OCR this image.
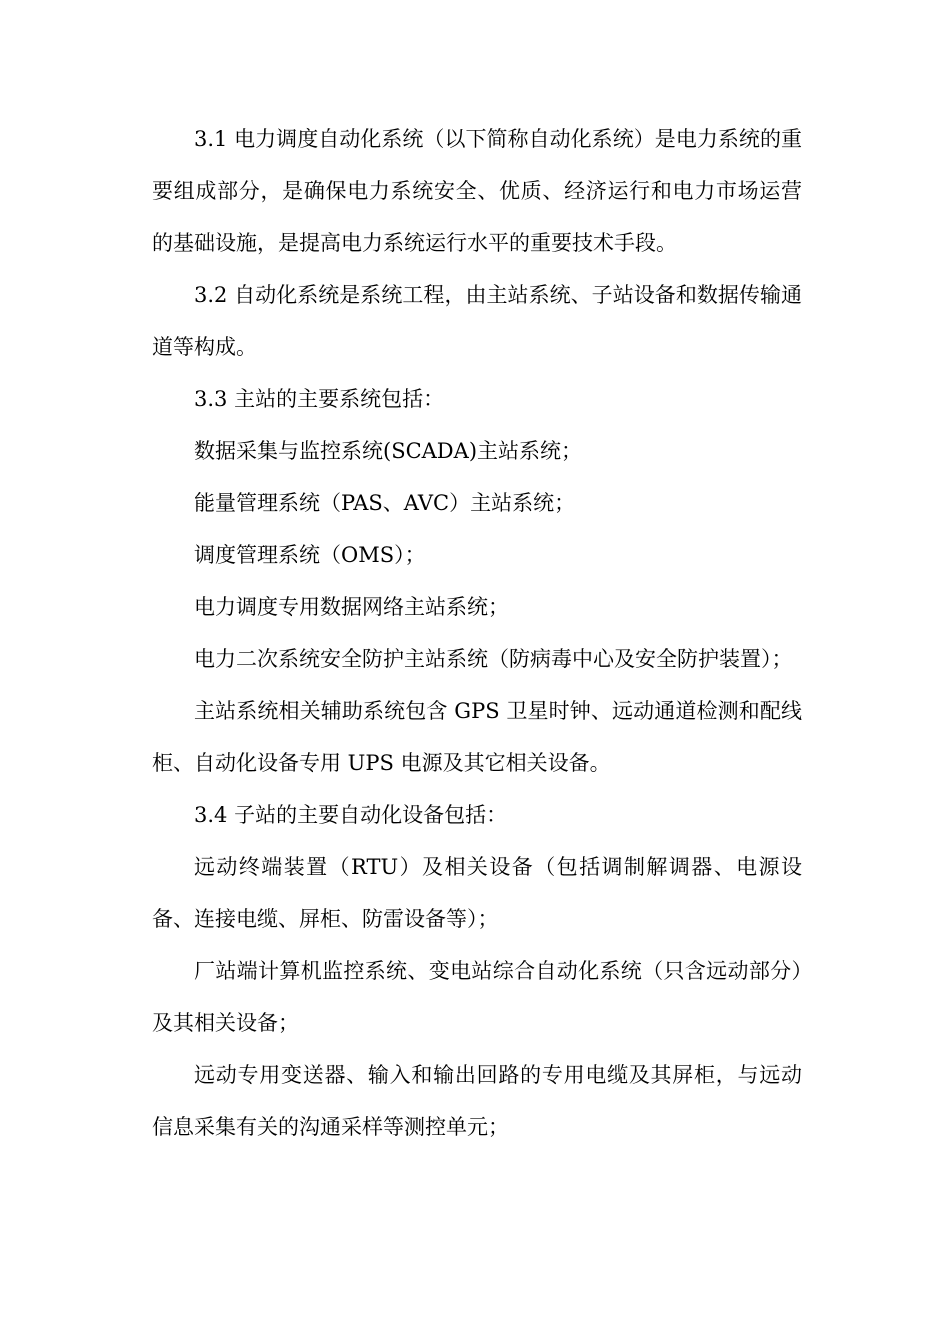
3.1 电力调度自动化系统（以下简称自动化系统）是电力系统的重要组成部分，是确保电力系统安全、优质、经济运行和电力市场运营的基础设施，是提高电力系统运行水平的重要技术手段。

3.2 自动化系统是系统工程，由主站系统、子站设备和数据传输通道等构成。

3.3 主站的主要系统包括：

数据采集与监控系统(SCADA)主站系统；

能量管理系统（PAS、AVC）主站系统；

调度管理系统（OMS）；

电力调度专用数据网络主站系统；

电力二次系统安全防护主站系统（防病毒中心及安全防护装置）；

主站系统相关辅助系统包含 GPS 卫星时钟、远动通道检测和配线柜、自动化设备专用 UPS 电源及其它相关设备。

3.4 子站的主要自动化设备包括：

远动终端装置（RTU）及相关设备（包括调制解调器、电源设备、连接电缆、屏柜、防雷设备等）；

厂站端计算机监控系统、变电站综合自动化系统（只含远动部分）及其相关设备；

远动专用变送器、输入和输出回路的专用电缆及其屏柜，与远动信息采集有关的沟通采样等测控单元；
